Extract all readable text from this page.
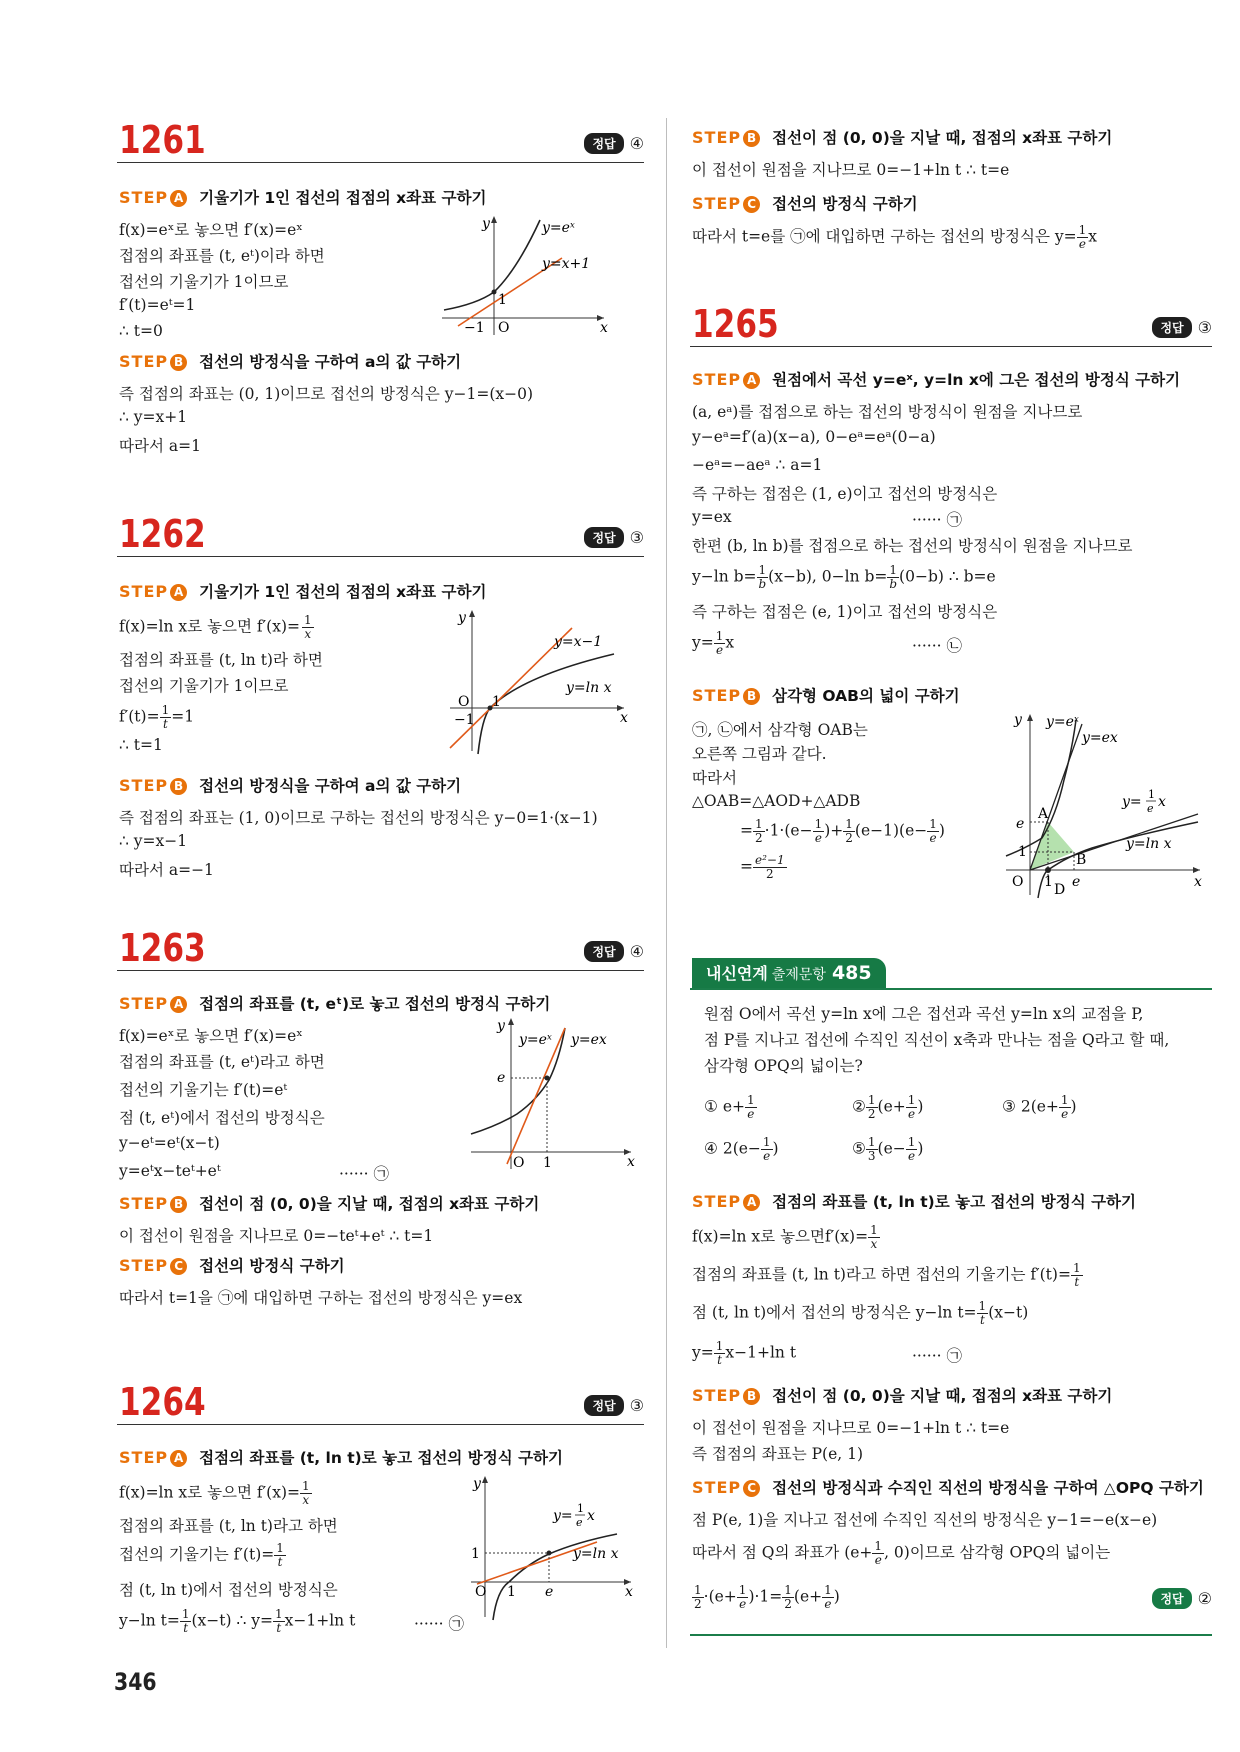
1261	정답 ④
STEP A 기울기가 1인 접선의 접점의 x좌표 구하기
f(x)=eˣ로 놓으면 f′(x)=eˣ
접점의 좌표를 (t, eᵗ)이라 하면
접선의 기울기가 1이므로
f′(t)=eᵗ=1
∴ t=0
y
x
O
1
−1
y=eˣ
y=x+1
STEP B 접선의 방정식을 구하여 a의 값 구하기
즉 접점의 좌표는 (0, 1)이므로 접선의 방정식은 y−1=(x−0)
∴ y=x+1
따라서 a=1
1262	정답 ③
STEP A 기울기가 1인 접선의 접점의 x좌표 구하기
f(x)=ln x로 놓으면 $f'(x)= \frac{1}{x}$
접점의 좌표를 (t, ln t)라 하면
접선의 기울기가 1이므로
$f'(t)= \frac{1}{t} =1$
∴ t=1
y
x
O 1
−1
y=x−1
y=ln x
STEP B 접선의 방정식을 구하여 a의 값 구하기
즉 접점의 좌표는 (1, 0)이므로 구하는 접선의 방정식은 y−0=1·(x−1)
∴ y=x−1
따라서 a=−1
1263	정답 ④
STEP A 접점의 좌표를 (t, eᵗ)로 놓고 접선의 방정식 구하기
f(x)=eˣ로 놓으면 f′(x)=eˣ
접점의 좌표를 (t, eᵗ)라고 하면
접선의 기울기는 f′(t)=eᵗ
점 (t, eᵗ)에서 접선의 방정식은
y−eᵗ=eᵗ(x−t)
y=eᵗx−teᵗ+eᵗ	······ ㉠
y
x
O 1
e
y=eˣ y=ex
STEP B 접선이 점 (0, 0)을 지날 때, 접점의 x좌표 구하기
이 접선이 원점을 지나므로 0=−teᵗ+eᵗ ∴ t=1
STEP C 접선의 방정식 구하기
따라서 t=1을 ㉠에 대입하면 구하는 접선의 방정식은 y=ex
1264	정답 ③
STEP A 접점의 좌표를 (t, ln t)로 놓고 접선의 방정식 구하기
f(x)=ln x로 놓으면 $f'(x)= \frac{1}{x}$
접점의 좌표를 (t, ln t)라고 하면
접선의 기울기는 $f'(t)= \frac{1}{t}$
점 (t, ln t)에서 접선의 방정식은
y−ln $t= \frac{1}{t} (x-t)$ ∴ $y= \frac{1}{t} x-1+\ln$ t	······ ㉠
y
x
O 1 e
1	y=ln x
y= 1
e x
STEP B 접선이 점 (0, 0)을 지날 때, 접점의 x좌표 구하기
이 접선이 원점을 지나므로 0=−1+ln t ∴ t=e
STEP C 접선의 방정식 구하기
따라서 t=e를 ㉠에 대입하면 구하는 접선의 방정식은 $y= \frac{1}{e}$ x
1265	정답 ③
STEP A 원점에서 곡선 y=eˣ, y=ln x에 그은 접선의 방정식 구하기
(a, eᵃ)를 접점으로 하는 접선의 방정식이 원점을 지나므로
y−eᵃ=f′(a)(x−a), 0−eᵃ=eᵃ(0−a)
−eᵃ=−aeᵃ ∴ a=1
즉 구하는 접점은 (1, e)이고 접선의 방정식은
y=ex	······ ㉠
한편 (b, ln b)를 접점으로 하는 접선의 방정식이 원점을 지나므로
y−ln $b= \frac{1}{b} (x-b)$, 0−ln $b= \frac{1}{b} (0-b)$ ∴ b=e
즉 구하는 접점은 (e, 1)이고 접선의 방정식은
$y= \frac{1}{e}$ x	······ ㉡
STEP B 삼각형 OAB의 넓이 구하기
㉠, ㉡에서 삼각형 OAB는
오른쪽 그림과 같다.
따라서
△OAB=△AOD+△ADB
= $\frac{1}{2} \cdot 1\cdot(e- \frac{1}{e}$ )+ $\frac{1}{2} (e-1)(e- \frac{1}{e}$ )
= $\frac{\text{e²−1}}{2}$
y
x
O
y=eˣ
y=ex
y= 1
e x
y=ln x
A
B
D
e
1
1 e
내신연계 출제문항 485
원점 O에서 곡선 y=ln x에 그은 접선과 곡선 y=ln x의 교점을 P,
점 P를 지나고 접선에 수직인 직선이 x축과 만나는 점을 Q라고 할 때,
삼각형 OPQ의 넓이는?
① $e+ \frac{1}{e}$	② $\frac{1}{2} (e+ \frac{1}{e}$ )	③ $2(e+ \frac{1}{e}$ )
④ $2(e- \frac{1}{e}$ )	⑤ $\frac{1}{3} (e- \frac{1}{e}$ )
STEP A 접점의 좌표를 (t, ln t)로 놓고 접선의 방정식 구하기
f(x)=ln x로 놓으면$f'(x)= \frac{1}{x}$
접점의 좌표를 (t, ln t)라고 하면 접선의 기울기는 $f'(t)= \frac{1}{t}$
점 (t, ln t)에서 접선의 방정식은 y−ln $t= \frac{1}{t} (x-t)$
$y= \frac{1}{t} x-1+\ln$ t	······ ㉠
STEP B 접선이 점 (0, 0)을 지날 때, 접점의 x좌표 구하기
이 접선이 원점을 지나므로 0=−1+ln t ∴ t=e
즉 접점의 좌표는 P(e, 1)
STEP C 접선의 방정식과 수직인 직선의 방정식을 구하여 △OPQ 구하기
점 P(e, 1)을 지나고 접선에 수직인 직선의 방정식은 y−1=−e(x−e)
따라서 점 Q의 좌표가 ($e+ \frac{1}{e}$ , 0)이므로 삼각형 OPQ의 넓이는
$\frac{1}{2} \cdot(e+ \frac{1}{e} )\cdot 1= \frac{1}{2} (e+ \frac{1}{e}$ )	정답 ②
346
